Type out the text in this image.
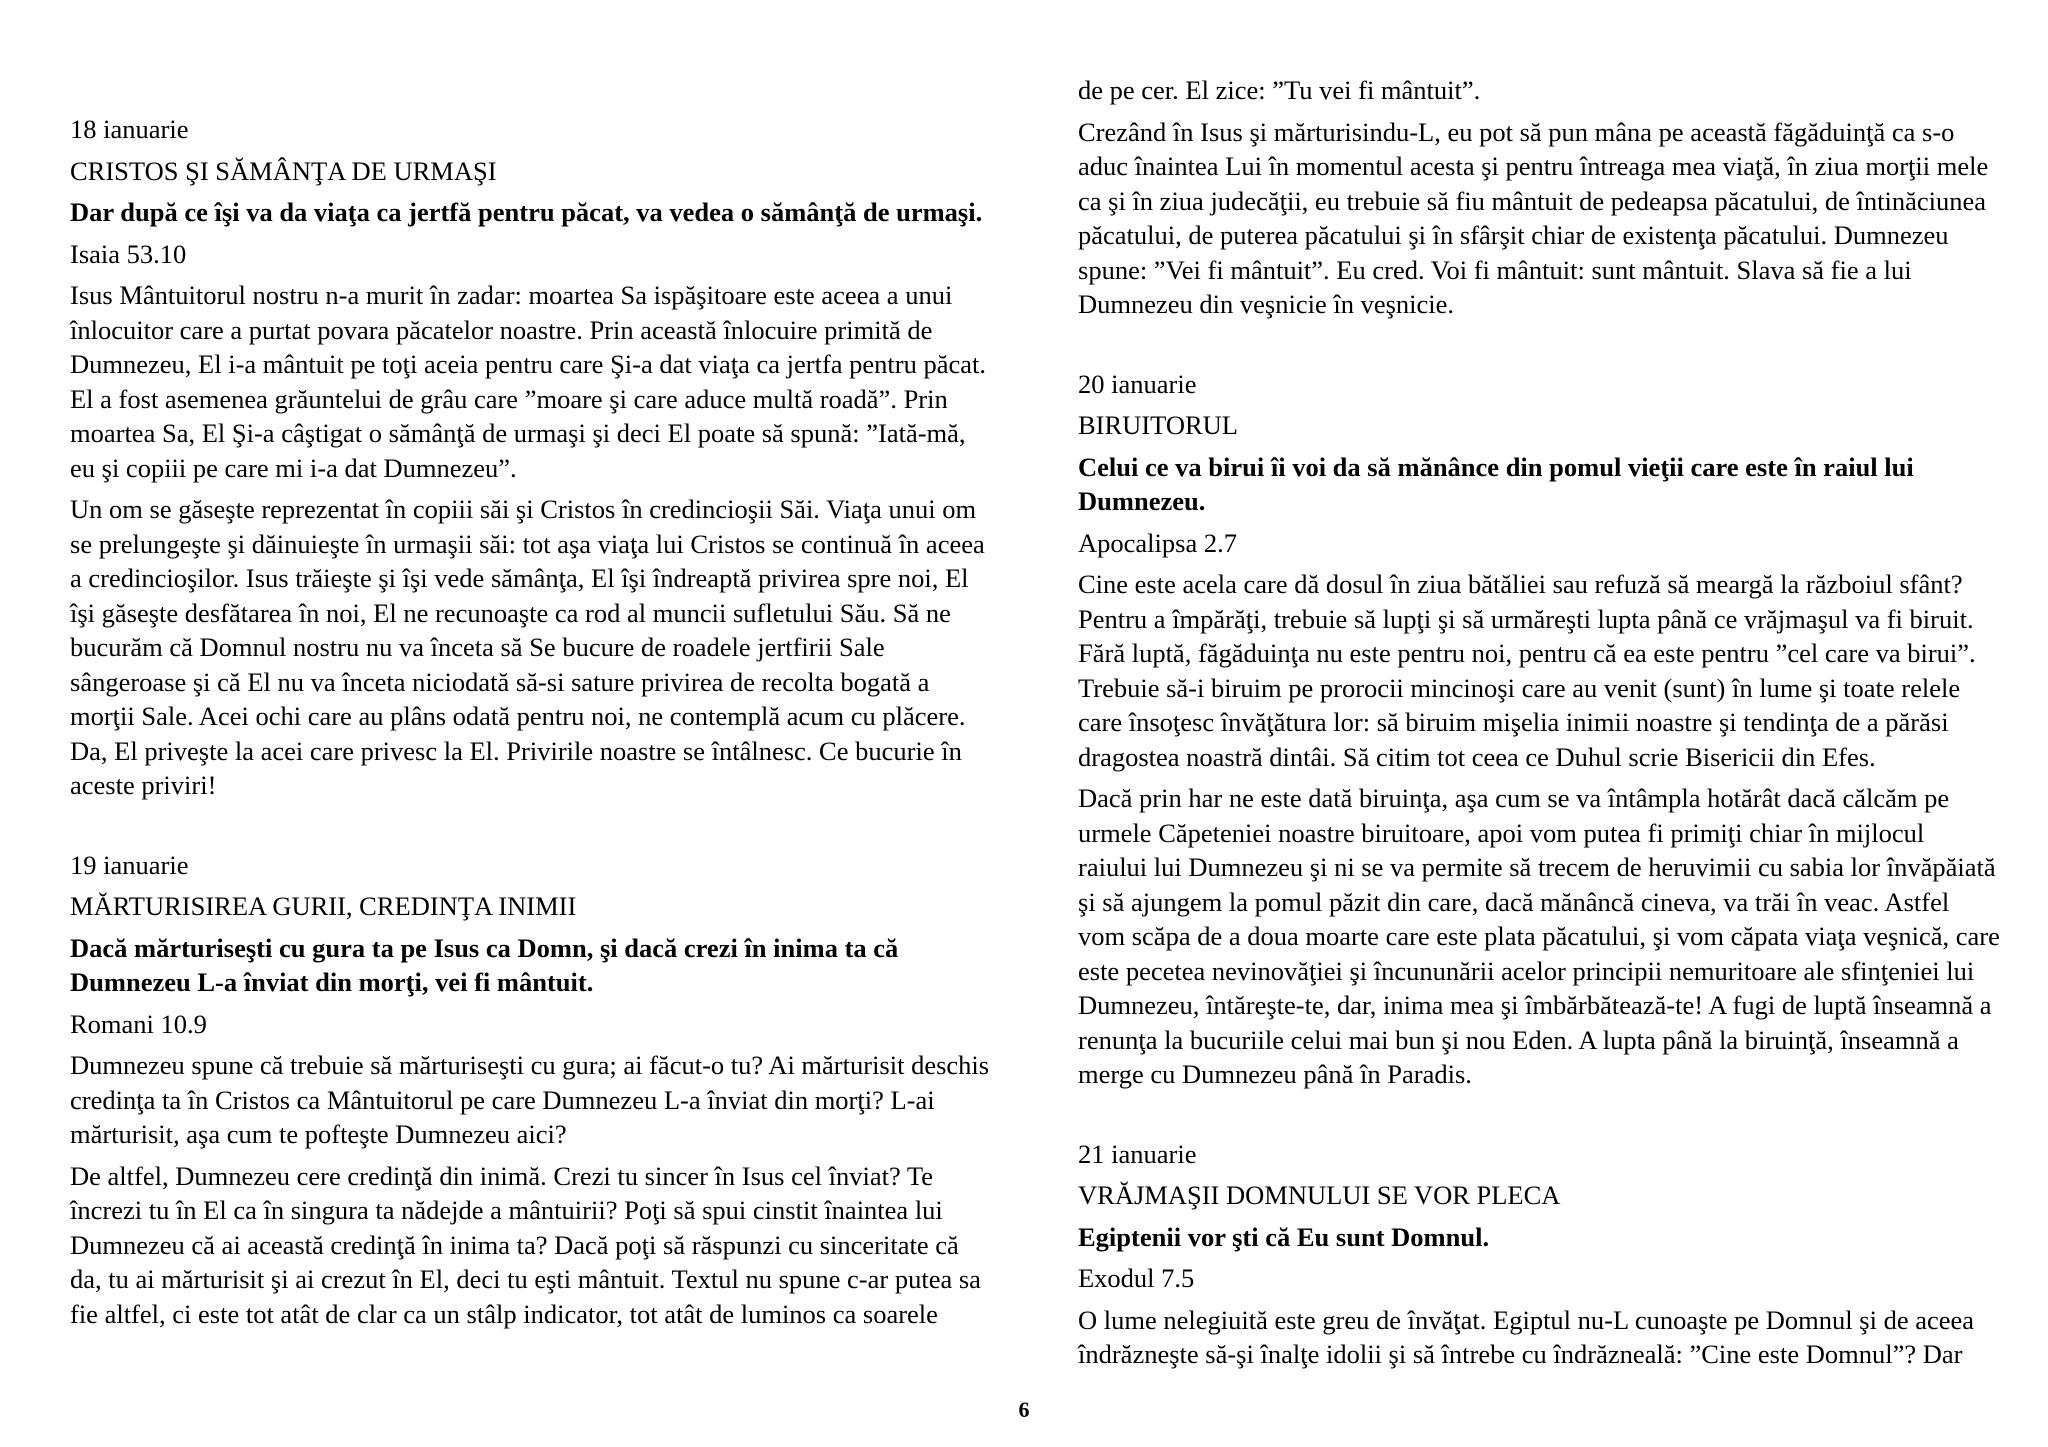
18 ianuarie

CRISTOS ŞI SĂMÂNŢA DE URMAŞI

Dar după ce îşi va da viaţa ca jertfă pentru păcat, va vedea o sămânţă de urmaşi.

Isaia 53.10

Isus Mântuitorul nostru n-a murit în zadar: moartea Sa ispăşitoare este aceea a unui înlocuitor care a purtat povara păcatelor noastre. Prin această înlocuire primită de Dumnezeu, El i-a mântuit pe toţi aceia pentru care Şi-a dat viaţa ca jertfa pentru păcat. El a fost asemenea grăuntelui de grâu care ”moare şi care aduce multă roadă”. Prin moartea Sa, El Şi-a câştigat o sămânţă de urmaşi şi deci El poate să spună: ”Iată-mă, eu şi copiii pe care mi i-a dat Dumnezeu”.

Un om se găseşte reprezentat în copiii săi şi Cristos în credincioşii Săi. Viaţa unui om se prelungeşte şi dăinuieşte în urmaşii săi: tot aşa viaţa lui Cristos se continuă în aceea a credincioşilor. Isus trăieşte şi îşi vede sămânţa, El îşi îndreaptă privirea spre noi, El îşi găseşte desfătarea în noi, El ne recunoaşte ca rod al muncii sufletului Său. Să ne bucurăm că Domnul nostru nu va înceta să Se bucure de roadele jertfirii Sale sângeroase şi că El nu va înceta niciodată să-si sature privirea de recolta bogată a morţii Sale. Acei ochi care au plâns odată pentru noi, ne contemplă acum cu plăcere. Da, El priveşte la acei care privesc la El. Privirile noastre se întâlnesc. Ce bucurie în aceste priviri!

19 ianuarie

MĂRTURISIREA GURII, CREDINŢA INIMII

Dacă mărturiseşti cu gura ta pe Isus ca Domn, şi dacă crezi în inima ta că Dumnezeu L-a înviat din morţi, vei fi mântuit.

Romani 10.9

Dumnezeu spune că trebuie să mărturiseşti cu gura; ai făcut-o tu? Ai mărturisit deschis credinţa ta în Cristos ca Mântuitorul pe care Dumnezeu L-a înviat din morţi? L-ai mărturisit, aşa cum te pofteşte Dumnezeu aici?

De altfel, Dumnezeu cere credinţă din inimă. Crezi tu sincer în Isus cel înviat? Te încrezi tu în El ca în singura ta nădejde a mântuirii? Poţi să spui cinstit înaintea lui Dumnezeu că ai această credinţă în inima ta? Dacă poţi să răspunzi cu sinceritate că da, tu ai mărturisit şi ai crezut în El, deci tu eşti mântuit. Textul nu spune c-ar putea sa fie altfel, ci este tot atât de clar ca un stâlp indicator, tot atât de luminos ca soarele

de pe cer. El zice: ”Tu vei fi mântuit”.

Crezând în Isus şi mărturisindu-L, eu pot să pun mâna pe această făgăduinţă ca s-o aduc înaintea Lui în momentul acesta şi pentru întreaga mea viaţă, în ziua morţii mele ca şi în ziua judecăţii, eu trebuie să fiu mântuit de pedeapsa păcatului, de întinăciunea păcatului, de puterea păcatului şi în sfârşit chiar de existenţa păcatului. Dumnezeu spune: ”Vei fi mântuit”. Eu cred. Voi fi mântuit: sunt mântuit. Slava să fie a lui Dumnezeu din veşnicie în veşnicie.

20 ianuarie

BIRUITORUL

Celui ce va birui îi voi da să mănânce din pomul vieţii care este în raiul lui Dumnezeu.

Apocalipsa 2.7

Cine este acela care dă dosul în ziua bătăliei sau refuză să meargă la războiul sfânt? Pentru a împărăţi, trebuie să lupţi şi să urmăreşti lupta până ce vrăjmaşul va fi biruit. Fără luptă, făgăduinţa nu este pentru noi, pentru că ea este pentru ”cel care va birui”. Trebuie să-i biruim pe prorocii mincinoşi care au venit (sunt) în lume şi toate relele care însoţesc învăţătura lor: să biruim mişelia inimii noastre şi tendinţa de a părăsi dragostea noastră dintâi. Să citim tot ceea ce Duhul scrie Bisericii din Efes.

Dacă prin har ne este dată biruinţa, aşa cum se va întâmpla hotărât dacă călcăm pe urmele Căpeteniei noastre biruitoare, apoi vom putea fi primiţi chiar în mijlocul raiului lui Dumnezeu şi ni se va permite să trecem de heruvimii cu sabia lor învăpăiată şi să ajungem la pomul păzit din care, dacă mănâncă cineva, va trăi în veac. Astfel vom scăpa de a doua moarte care este plata păcatului, şi vom căpata viaţa veşnică, care este pecetea nevinovăţiei şi încununării acelor principii nemuritoare ale sfinţeniei lui Dumnezeu, întăreşte-te, dar, inima mea şi îmbărbătează-te! A fugi de luptă înseamnă a renunţa la bucuriile celui mai bun şi nou Eden. A lupta până la biruinţă, înseamnă a merge cu Dumnezeu până în Paradis.

21 ianuarie

VRĂJMAŞII DOMNULUI SE VOR PLECA

Egiptenii vor şti că Eu sunt Domnul.

Exodul 7.5

O lume nelegiuită este greu de învăţat. Egiptul nu-L cunoaşte pe Domnul şi de aceea îndrăzneşte să-şi înalţe idolii şi să întrebe cu îndrăzneală: ”Cine este Domnul”? Dar

6
